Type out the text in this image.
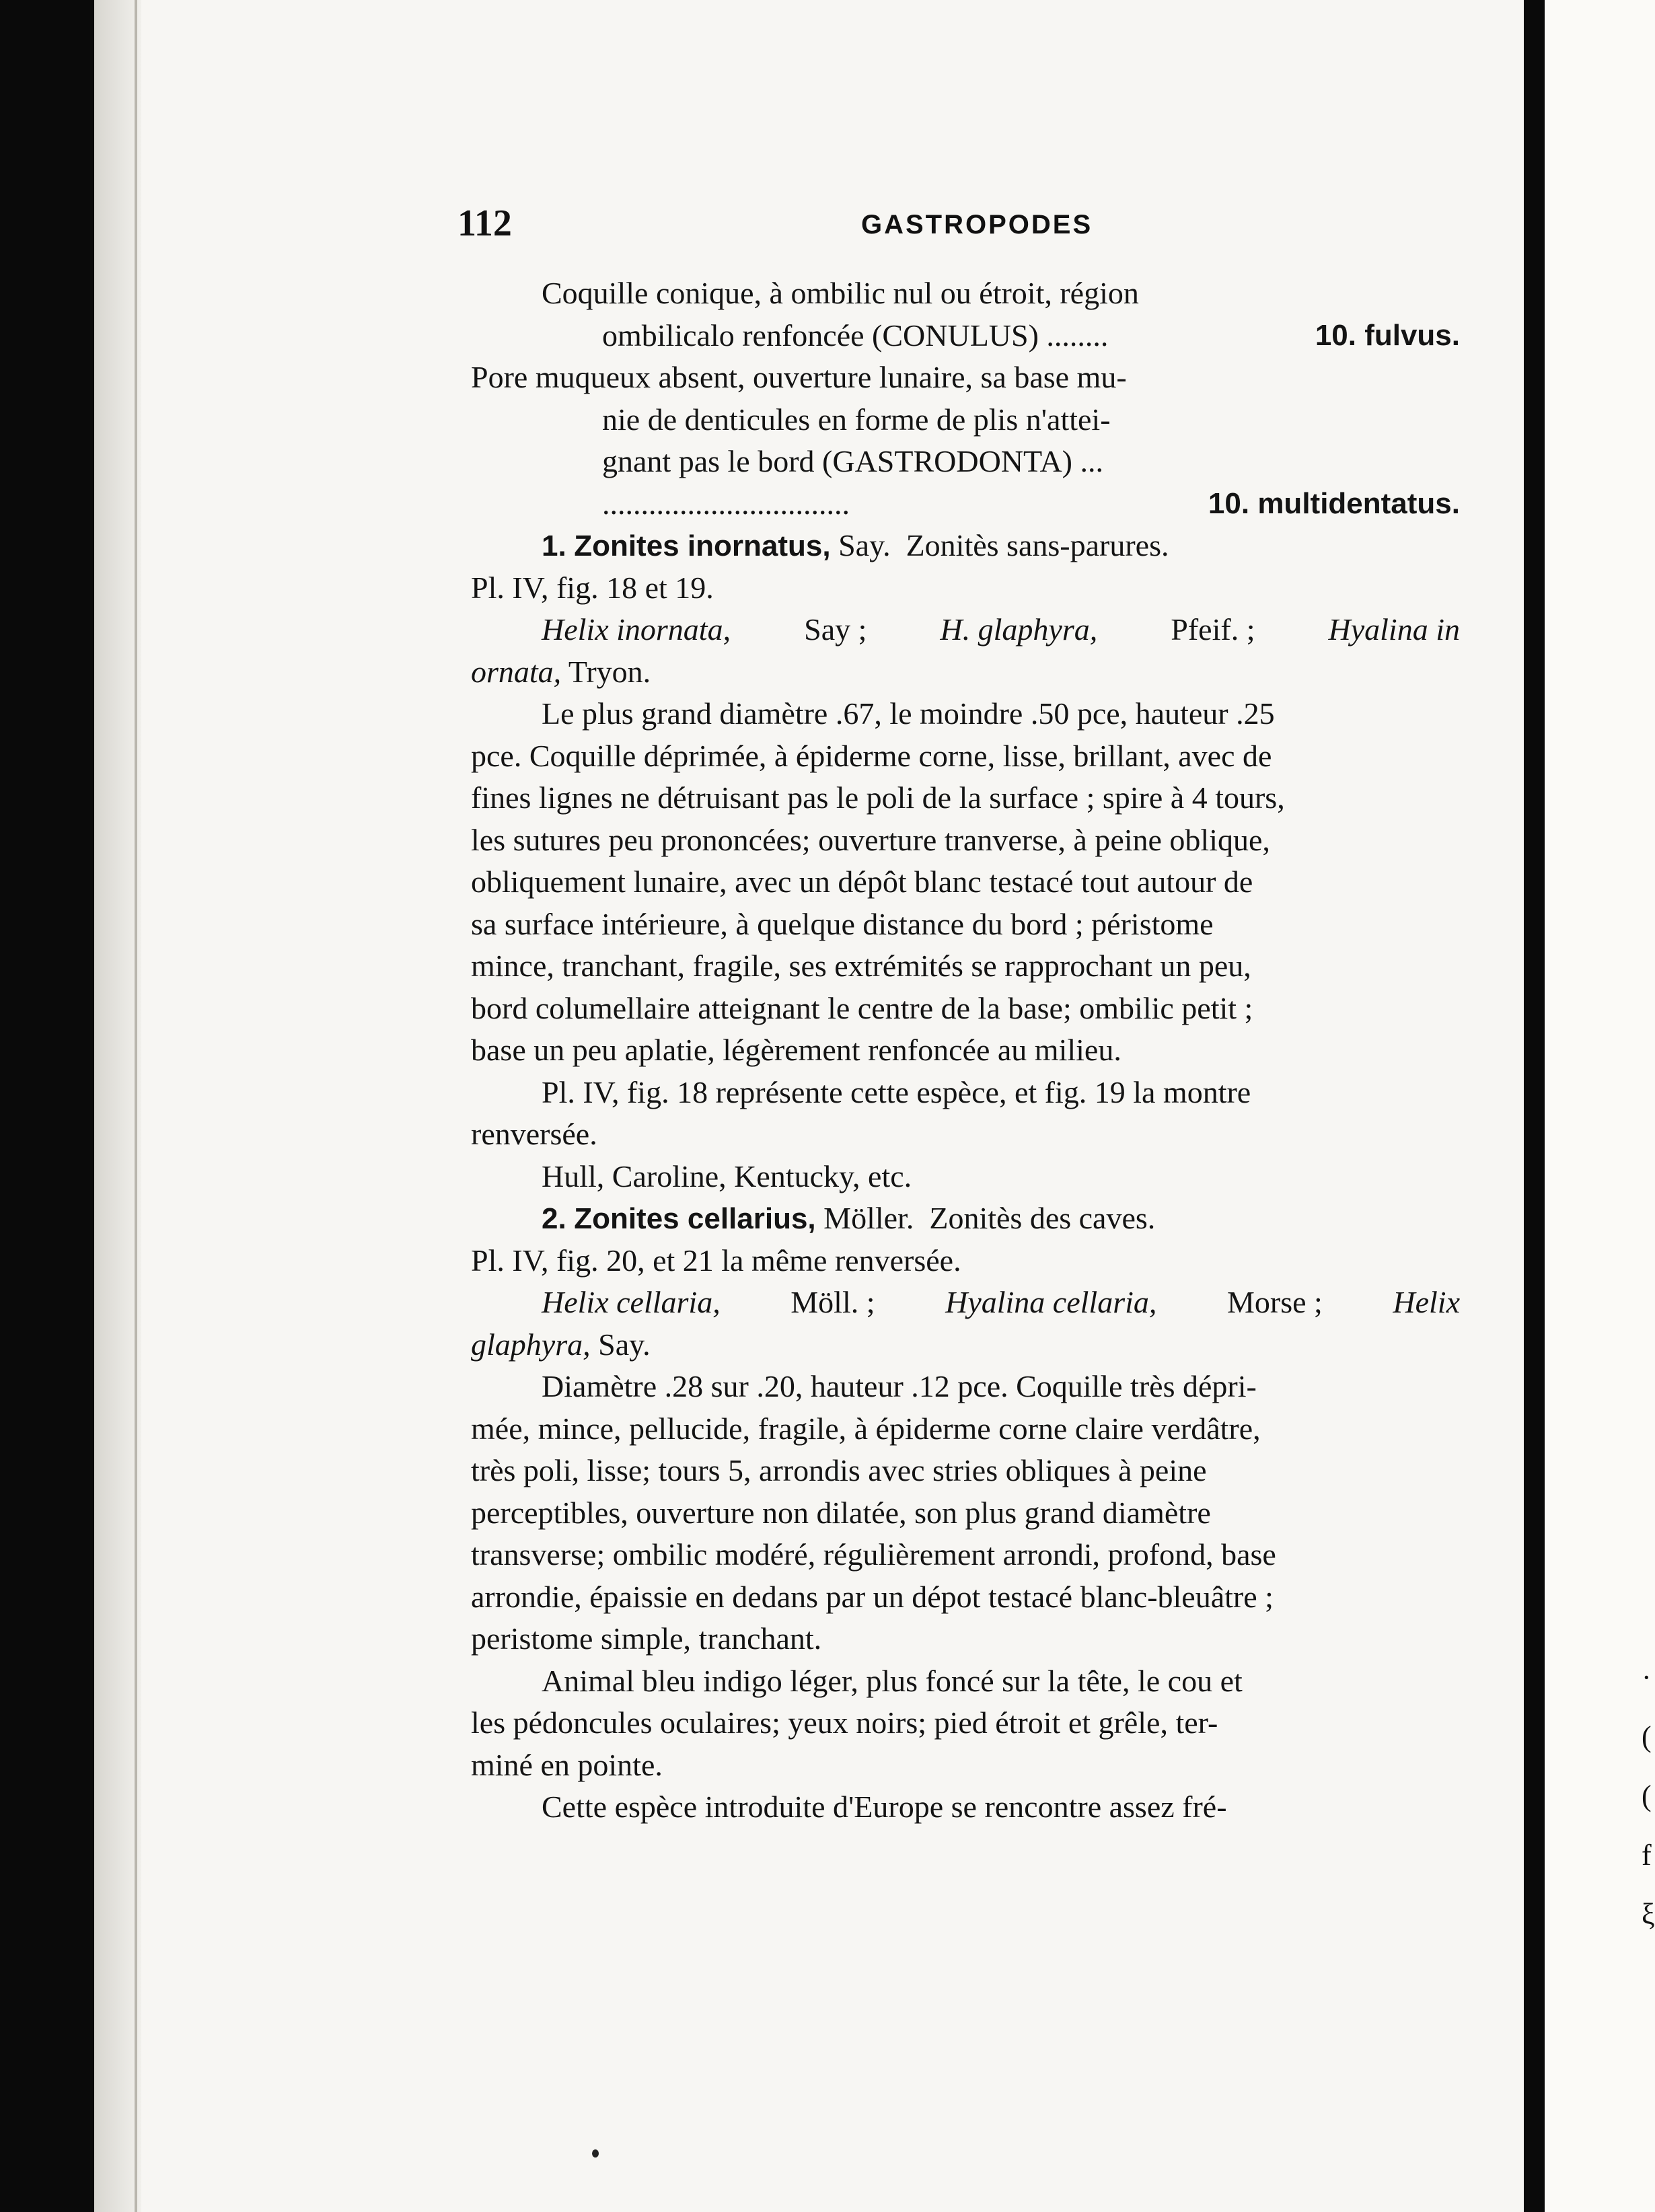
·
(
(
f
ξ
112	GASTROPODES
Coquille conique, à ombilic nul ou étroit, région
ombilicalo renfoncée (CONULUS) ........	10. fulvus.
Pore muqueux absent, ouverture lunaire, sa base mu-
nie de denticules en forme de plis n'attei-
gnant pas le bord (GASTRODONTA) ...
................................	10. multidentatus.
1. Zonites inornatus, Say. Zonitès sans-parures.
Pl. IV, fig. 18 et 19.
Helix inornata, Say ; H. glaphyra, Pfeif. ; Hyalina in
ornata, Tryon.
Le plus grand diamètre .67, le moindre .50 pce, hauteur .25
pce. Coquille déprimée, à épiderme corne, lisse, brillant, avec de
fines lignes ne détruisant pas le poli de la surface ; spire à 4 tours,
les sutures peu prononcées; ouverture tranverse, à peine oblique,
obliquement lunaire, avec un dépôt blanc testacé tout autour de
sa surface intérieure, à quelque distance du bord ; péristome
mince, tranchant, fragile, ses extrémités se rapprochant un peu,
bord columellaire atteignant le centre de la base; ombilic petit ;
base un peu aplatie, légèrement renfoncée au milieu.
Pl. IV, fig. 18 représente cette espèce, et fig. 19 la montre
renversée.
Hull, Caroline, Kentucky, etc.
2. Zonites cellarius, Möller. Zonitès des caves.
Pl. IV, fig. 20, et 21 la même renversée.
Helix cellaria, Möll. ; Hyalina cellaria, Morse ; Helix
glaphyra, Say.
Diamètre .28 sur .20, hauteur .12 pce. Coquille très dépri-
mée, mince, pellucide, fragile, à épiderme corne claire verdâtre,
très poli, lisse; tours 5, arrondis avec stries obliques à peine
perceptibles, ouverture non dilatée, son plus grand diamètre
transverse; ombilic modéré, régulièrement arrondi, profond, base
arrondie, épaissie en dedans par un dépot testacé blanc-bleuâtre ;
peristome simple, tranchant.
Animal bleu indigo léger, plus foncé sur la tête, le cou et
les pédoncules oculaires; yeux noirs; pied étroit et grêle, ter-
miné en pointe.
Cette espèce introduite d'Europe se rencontre assez fré-
